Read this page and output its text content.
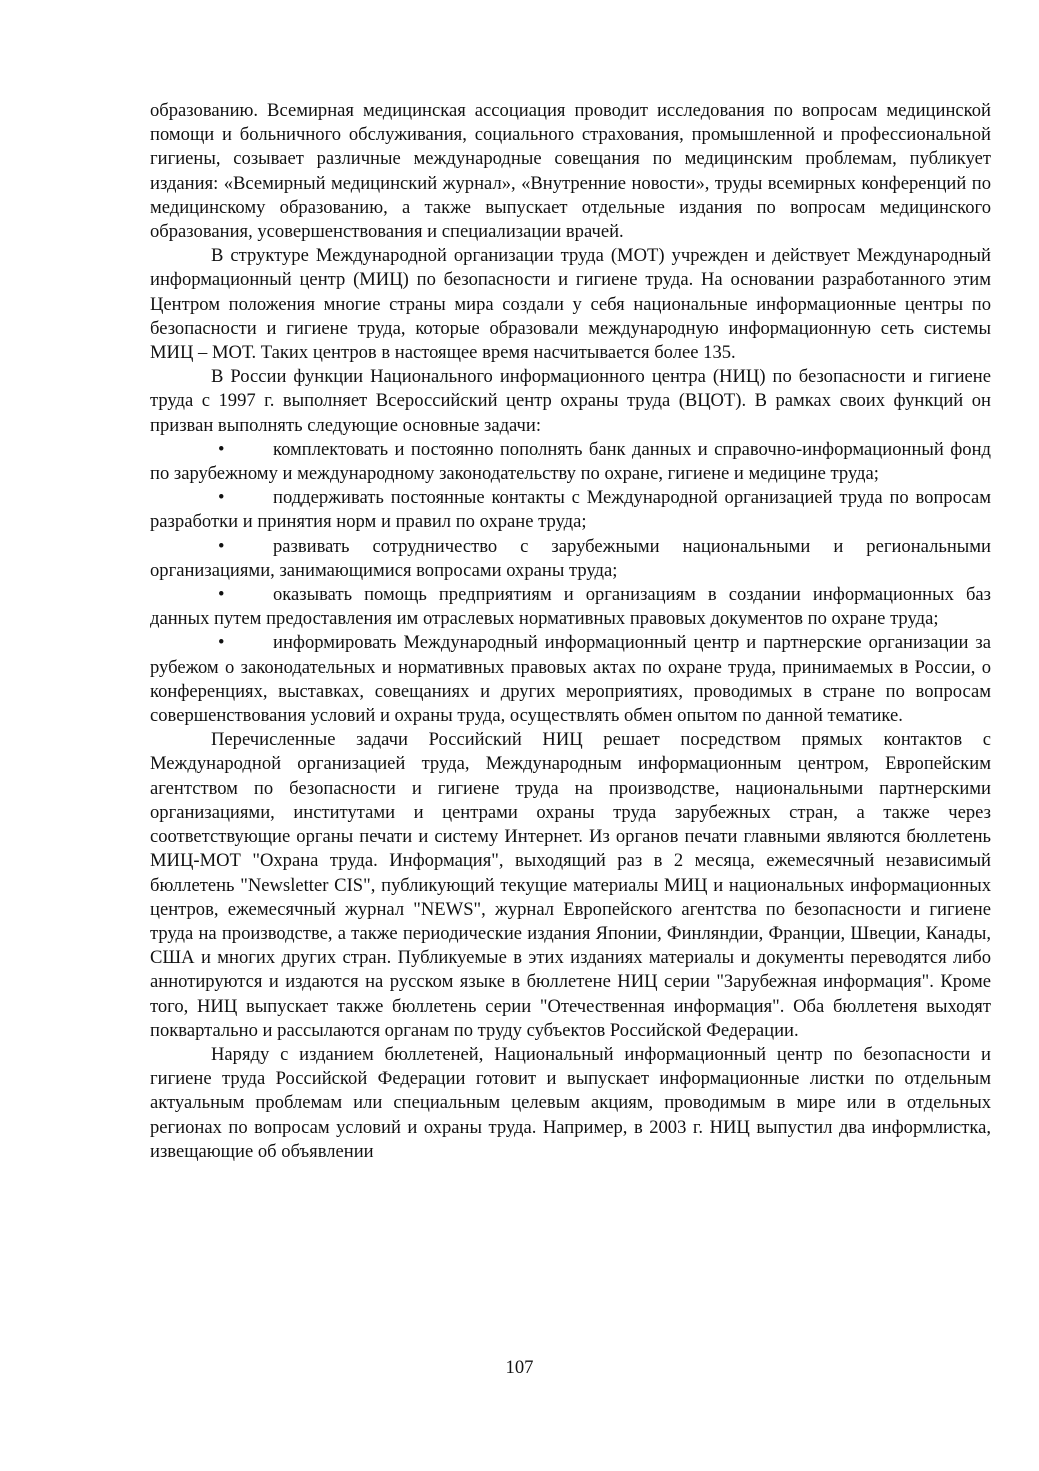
образованию. Всемирная медицинская ассоциация проводит исследования по вопросам медицинской помощи и больничного обслуживания, социального страхования, промышленной и профессиональной гигиены, созывает различные международные совещания по медицинским проблемам, публикует издания: «Всемирный медицинский журнал», «Внутренние новости», труды всемирных конференций по медицинскому образованию, а также выпускает отдельные издания по вопросам медицинского образования, усовершенствования и специализации врачей.

В структуре Международной организации труда (МОТ) учрежден и действует Международный информационный центр (МИЦ) по безопасности и гигиене труда. На основании разработанного этим Центром положения многие страны мира создали у себя национальные информационные центры по безопасности и гигиене труда, которые образовали международную информационную сеть системы МИЦ – МОТ. Таких центров в настоящее время насчитывается более 135.

В России функции Национального информационного центра (НИЦ) по безопасности и гигиене труда с 1997 г. выполняет Всероссийский центр охраны труда (ВЦОТ). В рамках своих функций он призван выполнять следующие основные задачи:

•	комплектовать и постоянно пополнять банк данных и справочно-информационный фонд по зарубежному и международному законодательству по охране, гигиене и медицине труда;

•	поддерживать постоянные контакты с Международной организацией труда по вопросам разработки и принятия норм и правил по охране труда;

•	развивать сотрудничество с зарубежными национальными и региональными организациями, занимающимися вопросами охраны труда;

•	оказывать помощь предприятиям и организациям в создании информационных баз данных путем предоставления им отраслевых нормативных правовых документов по охране труда;

•	информировать Международный информационный центр и партнерские организации за рубежом о законодательных и нормативных правовых актах по охране труда, принимаемых в России, о конференциях, выставках, совещаниях и других мероприятиях, проводимых в стране по вопросам совершенствования условий и охраны труда, осуществлять обмен опытом по данной тематике.

Перечисленные задачи Российский НИЦ решает посредством прямых контактов с Международной организацией труда, Международным информационным центром, Европейским агентством по безопасности и гигиене труда на производстве, национальными партнерскими организациями, институтами и центрами охраны труда зарубежных стран, а также через соответствующие органы печати и систему Интернет. Из органов печати главными являются бюллетень МИЦ-МОТ "Охрана труда. Информация", выходящий раз в 2 месяца, ежемесячный независимый бюллетень "Newsletter CIS", публикующий текущие материалы МИЦ и национальных информационных центров, ежемесячный журнал "NEWS", журнал Европейского агентства по безопасности и гигиене труда на производстве, а также периодические издания Японии, Финляндии, Франции, Швеции, Канады, США и многих других стран. Публикуемые в этих изданиях материалы и документы переводятся либо аннотируются и издаются на русском языке в бюллетене НИЦ серии "Зарубежная информация". Кроме того, НИЦ выпускает также бюллетень серии "Отечественная информация". Оба бюллетеня выходят поквартально и рассылаются органам по труду субъектов Российской Федерации.

Наряду с изданием бюллетеней, Национальный информационный центр по безопасности и гигиене труда Российской Федерации готовит и выпускает информационные листки по отдельным актуальным проблемам или специальным целевым акциям, проводимым в мире или в отдельных регионах по вопросам условий и охраны труда. Например, в 2003 г. НИЦ выпустил два информлистка, извещающие об объявлении

107
